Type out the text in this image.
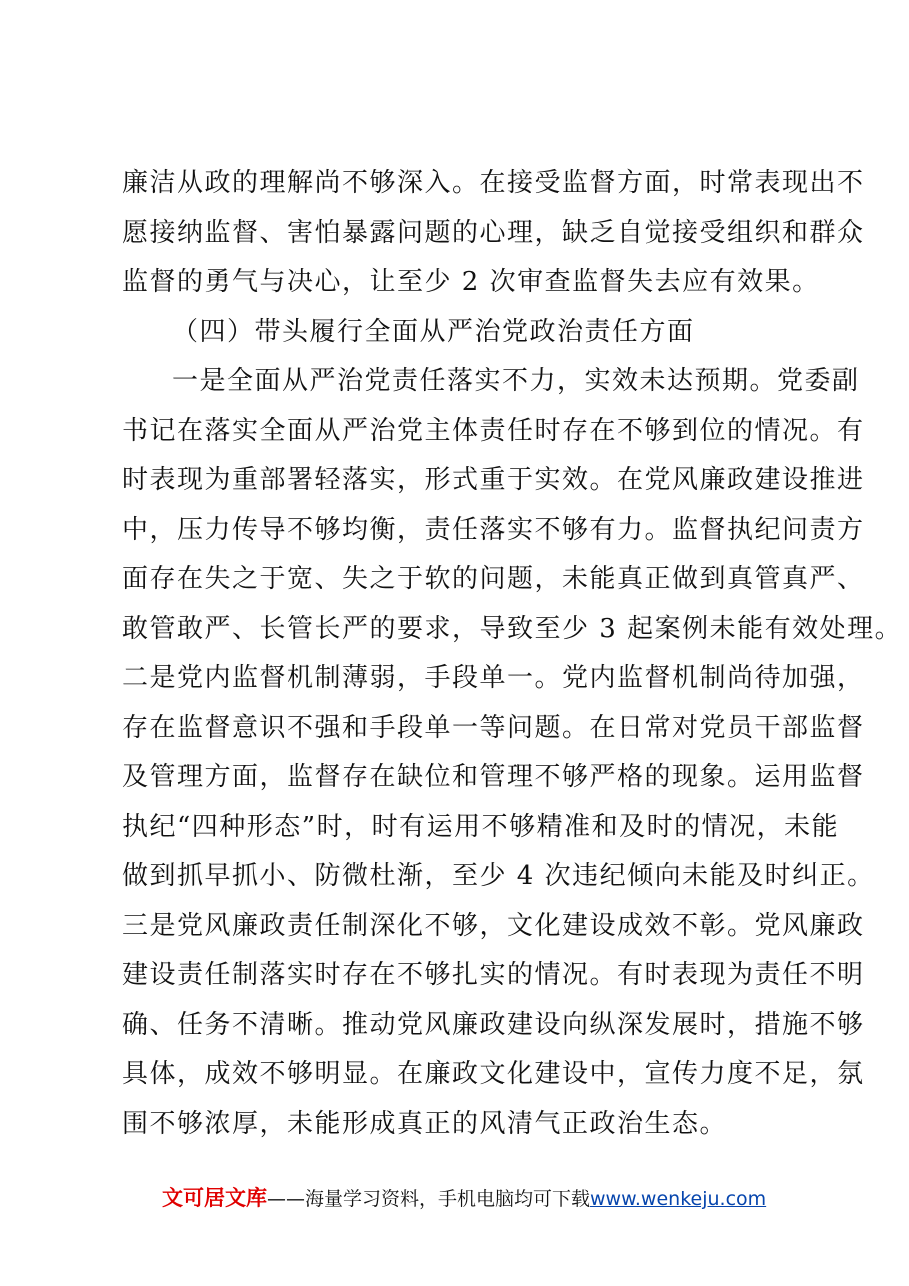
廉洁从政的理解尚不够深入。在接受监督方面，时常表现出不
愿接纳监督、害怕暴露问题的心理，缺乏自觉接受组织和群众
监督的勇气与决心，让至少 2 次审查监督失去应有效果。
（四）带头履行全面从严治党政治责任方面
一是全面从严治党责任落实不力，实效未达预期。党委副
书记在落实全面从严治党主体责任时存在不够到位的情况。有
时表现为重部署轻落实，形式重于实效。在党风廉政建设推进
中，压力传导不够均衡，责任落实不够有力。监督执纪问责方
面存在失之于宽、失之于软的问题，未能真正做到真管真严、
敢管敢严、长管长严的要求，导致至少 3 起案例未能有效处理。
二是党内监督机制薄弱，手段单一。党内监督机制尚待加强，
存在监督意识不强和手段单一等问题。在日常对党员干部监督
及管理方面，监督存在缺位和管理不够严格的现象。运用监督
执纪“四种形态”时，时有运用不够精准和及时的情况，未能
做到抓早抓小、防微杜渐，至少 4 次违纪倾向未能及时纠正。
三是党风廉政责任制深化不够，文化建设成效不彰。党风廉政
建设责任制落实时存在不够扎实的情况。有时表现为责任不明
确、任务不清晰。推动党风廉政建设向纵深发展时，措施不够
具体，成效不够明显。在廉政文化建设中，宣传力度不足，氛
围不够浓厚，未能形成真正的风清气正政治生态。
文可居文库——海量学习资料，手机电脑均可下载www.wenkeju.com
